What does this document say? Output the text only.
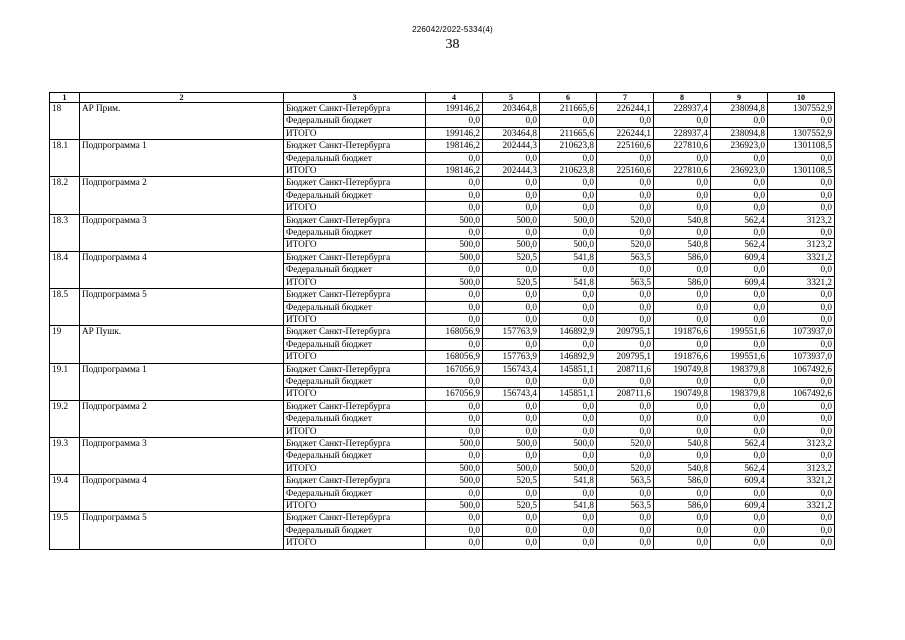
226042/2022-5334(4)
38
1	2	3	4	5	6	7	8	9	10
18	АР Прим.	Бюджет Санкт-Петербурга	199146,2	203464,8	211665,6	226244,1	228937,4	238094,8	1307552,9
		Федеральный бюджет	0,0	0,0	0,0	0,0	0,0	0,0	0,0
		ИТОГО	199146,2	203464,8	211665,6	226244,1	228937,4	238094,8	1307552,9
18.1	Подпрограмма 1	Бюджет Санкт-Петербурга	198146,2	202444,3	210623,8	225160,6	227810,6	236923,0	1301108,5
		Федеральный бюджет	0,0	0,0	0,0	0,0	0,0	0,0	0,0
		ИТОГО	198146,2	202444,3	210623,8	225160,6	227810,6	236923,0	1301108,5
18.2	Подпрограмма 2	Бюджет Санкт-Петербурга	0,0	0,0	0,0	0,0	0,0	0,0	0,0
		Федеральный бюджет	0,0	0,0	0,0	0,0	0,0	0,0	0,0
		ИТОГО	0,0	0,0	0,0	0,0	0,0	0,0	0,0
18.3	Подпрограмма 3	Бюджет Санкт-Петербурга	500,0	500,0	500,0	520,0	540,8	562,4	3123,2
		Федеральный бюджет	0,0	0,0	0,0	0,0	0,0	0,0	0,0
		ИТОГО	500,0	500,0	500,0	520,0	540,8	562,4	3123,2
18.4	Подпрограмма 4	Бюджет Санкт-Петербурга	500,0	520,5	541,8	563,5	586,0	609,4	3321,2
		Федеральный бюджет	0,0	0,0	0,0	0,0	0,0	0,0	0,0
		ИТОГО	500,0	520,5	541,8	563,5	586,0	609,4	3321,2
18.5	Подпрограмма 5	Бюджет Санкт-Петербурга	0,0	0,0	0,0	0,0	0,0	0,0	0,0
		Федеральный бюджет	0,0	0,0	0,0	0,0	0,0	0,0	0,0
		ИТОГО	0,0	0,0	0,0	0,0	0,0	0,0	0,0
19	АР Пушк.	Бюджет Санкт-Петербурга	168056,9	157763,9	146892,9	209795,1	191876,6	199551,6	1073937,0
		Федеральный бюджет	0,0	0,0	0,0	0,0	0,0	0,0	0,0
		ИТОГО	168056,9	157763,9	146892,9	209795,1	191876,6	199551,6	1073937,0
19.1	Подпрограмма 1	Бюджет Санкт-Петербурга	167056,9	156743,4	145851,1	208711,6	190749,8	198379,8	1067492,6
		Федеральный бюджет	0,0	0,0	0,0	0,0	0,0	0,0	0,0
		ИТОГО	167056,9	156743,4	145851,1	208711,6	190749,8	198379,8	1067492,6
19.2	Подпрограмма 2	Бюджет Санкт-Петербурга	0,0	0,0	0,0	0,0	0,0	0,0	0,0
		Федеральный бюджет	0,0	0,0	0,0	0,0	0,0	0,0	0,0
		ИТОГО	0,0	0,0	0,0	0,0	0,0	0,0	0,0
19.3	Подпрограмма 3	Бюджет Санкт-Петербурга	500,0	500,0	500,0	520,0	540,8	562,4	3123,2
		Федеральный бюджет	0,0	0,0	0,0	0,0	0,0	0,0	0,0
		ИТОГО	500,0	500,0	500,0	520,0	540,8	562,4	3123,2
19.4	Подпрограмма 4	Бюджет Санкт-Петербурга	500,0	520,5	541,8	563,5	586,0	609,4	3321,2
		Федеральный бюджет	0,0	0,0	0,0	0,0	0,0	0,0	0,0
		ИТОГО	500,0	520,5	541,8	563,5	586,0	609,4	3321,2
19.5	Подпрограмма 5	Бюджет Санкт-Петербурга	0,0	0,0	0,0	0,0	0,0	0,0	0,0
		Федеральный бюджет	0,0	0,0	0,0	0,0	0,0	0,0	0,0
		ИТОГО	0,0	0,0	0,0	0,0	0,0	0,0	0,0
